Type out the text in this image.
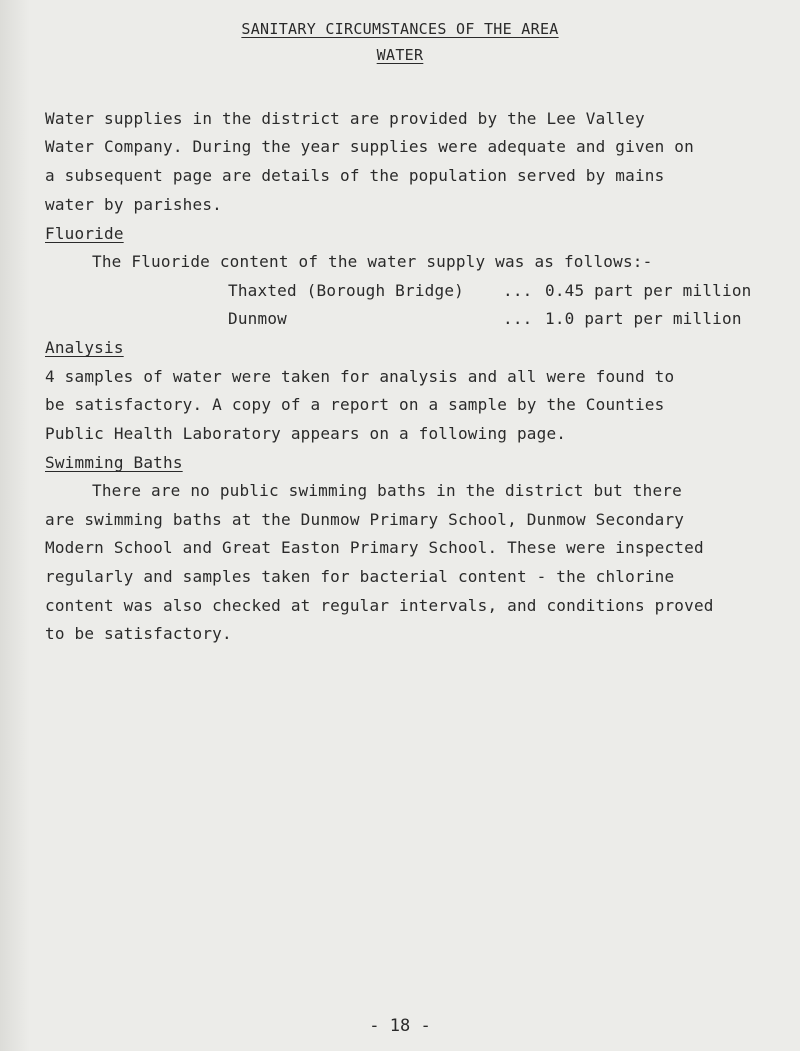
SANITARY CIRCUMSTANCES OF THE AREA
WATER
Water supplies in the district are provided by the Lee Valley
Water Company. During the year supplies were adequate and given on
a subsequent page are details of the population served by mains
water by parishes.
Fluoride
The Fluoride content of the water supply was as follows:-
Thaxted (Borough Bridge) ... 0.45 part per million
Dunmow	... 1.0 part per million
Analysis
4 samples of water were taken for analysis and all were found to
be satisfactory. A copy of a report on a sample by the Counties
Public Health Laboratory appears on a following page.
Swimming Baths
There are no public swimming baths in the district but there
are swimming baths at the Dunmow Primary School, Dunmow Secondary
Modern School and Great Easton Primary School. These were inspected
regularly and samples taken for bacterial content - the chlorine
content was also checked at regular intervals, and conditions proved
to be satisfactory.
- 18 -
